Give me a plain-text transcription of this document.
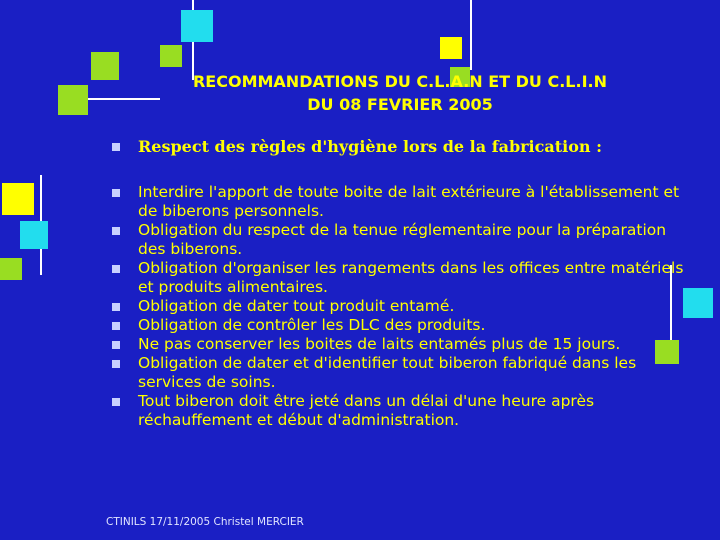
RECOMMANDATIONS DU C.L.A.N ET DU C.L.I.N
DU 08 FEVRIER 2005
Respect des règles d'hygiène lors de la fabrication :
Interdire l'apport de toute boite de lait extérieure à l'établissement et de biberons personnels.
Obligation du respect de la tenue réglementaire pour la préparation des biberons.
Obligation d'organiser les rangements dans les offices entre matériels et produits alimentaires.
Obligation de dater tout produit entamé.
Obligation de contrôler les DLC des produits.
Ne pas conserver les boites de laits entamés plus de 15 jours.
Obligation de dater et d'identifier tout biberon fabriqué dans les services de soins.
Tout biberon doit être jeté dans un délai d'une heure après réchauffement et début d'administration.
CTINILS 17/11/2005 Christel MERCIER
